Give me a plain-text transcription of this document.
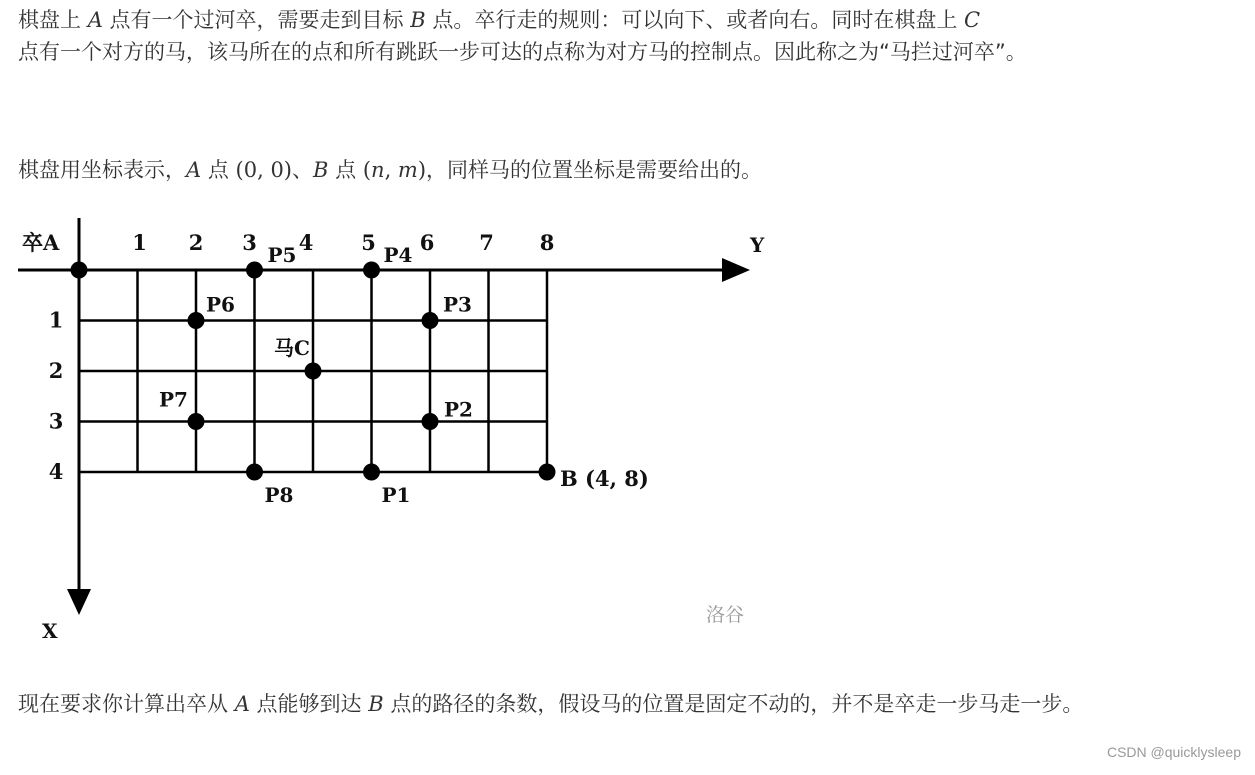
棋盘上 A 点有一个过河卒，需要走到目标 B 点。卒行走的规则：可以向下、或者向右。同时在棋盘上 C
点有一个对方的马，该马所在的点和所有跳跃一步可达的点称为对方马的控制点。因此称之为“马拦过河卒”。

棋盘用坐标表示，A 点 (0, 0)、B 点 (n, m)，同样马的位置坐标是需要给出的。

卒A	Y
X
马C
B (4, 8)
洛谷
1 2 3 4 5 6 7 8
1
2
3
4
P1
P2
P3
P4
P5
P6
P7
P8

现在要求你计算出卒从 A 点能够到达 B 点的路径的条数，假设马的位置是固定不动的，并不是卒走一步马走一步。

CSDN @quicklysleep
